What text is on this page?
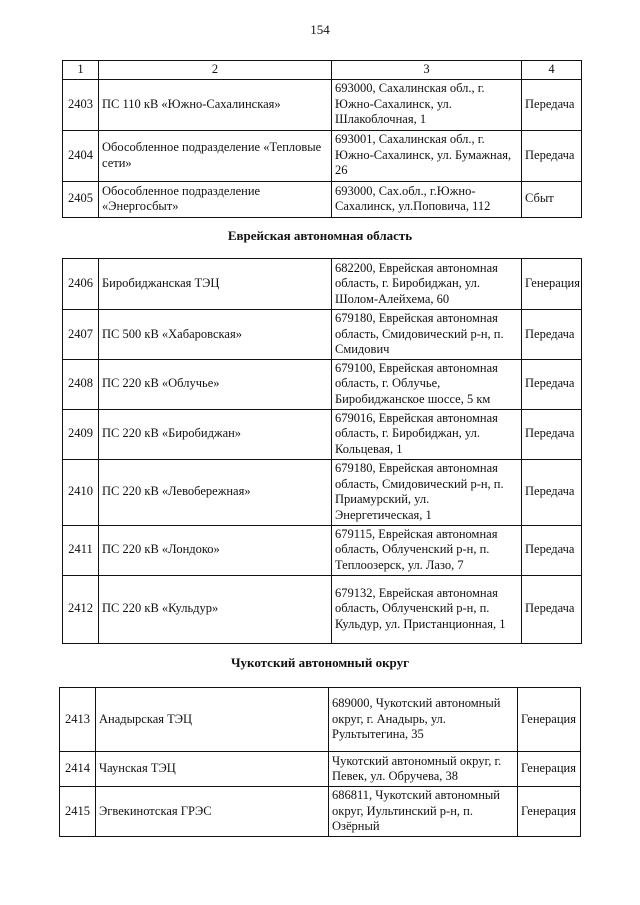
154
1	2	3	4
2403	ПС 110 кВ «Южно-Сахалинская»	693000, Сахалинская обл., г. Южно-Сахалинск, ул. Шлакоблочная, 1	Передача
2404	Обособленное подразделение «Тепловые сети»	693001, Сахалинская обл., г. Южно-Сахалинск, ул. Бумажная, 26	Передача
2405	Обособленное подразделение «Энергосбыт»	693000, Сах.обл., г.Южно-Сахалинск, ул.Поповича, 112	Сбыт
Еврейская автономная область
2406	Биробиджанская ТЭЦ	682200, Еврейская автономная область, г. Биробиджан, ул. Шолом-Алейхема, 60	Генерация
2407	ПС 500 кВ «Хабаровская»	679180, Еврейская автономная область, Смидовический р-н, п. Смидович	Передача
2408	ПС 220 кВ «Облучье»	679100, Еврейская автономная область, г. Облучье, Биробиджанское шоссе, 5 км	Передача
2409	ПС 220 кВ «Биробиджан»	679016, Еврейская автономная область, г. Биробиджан, ул. Кольцевая, 1	Передача
2410	ПС 220 кВ «Левобережная»	679180, Еврейская автономная область, Смидовический р-н, п. Приамурский, ул. Энергетическая, 1	Передача
2411	ПС 220 кВ «Лондоко»	679115, Еврейская автономная область, Облученский р-н, п. Теплоозерск, ул. Лазо, 7	Передача
2412	ПС 220 кВ «Кульдур»	679132, Еврейская автономная область, Облученский р-н, п. Кульдур, ул. Пристанционная, 1	Передача
Чукотский автономный округ
2413	Анадырская ТЭЦ	689000, Чукотский автономный округ, г. Анадырь, ул. Рультытегина, 35	Генерация
2414	Чаунская ТЭЦ	Чукотский автономный округ, г. Певек, ул. Обручева, 38	Генерация
2415	Эгвекинотская ГРЭС	686811, Чукотский автономный округ, Иультинский р-н, п. Озёрный	Генерация
